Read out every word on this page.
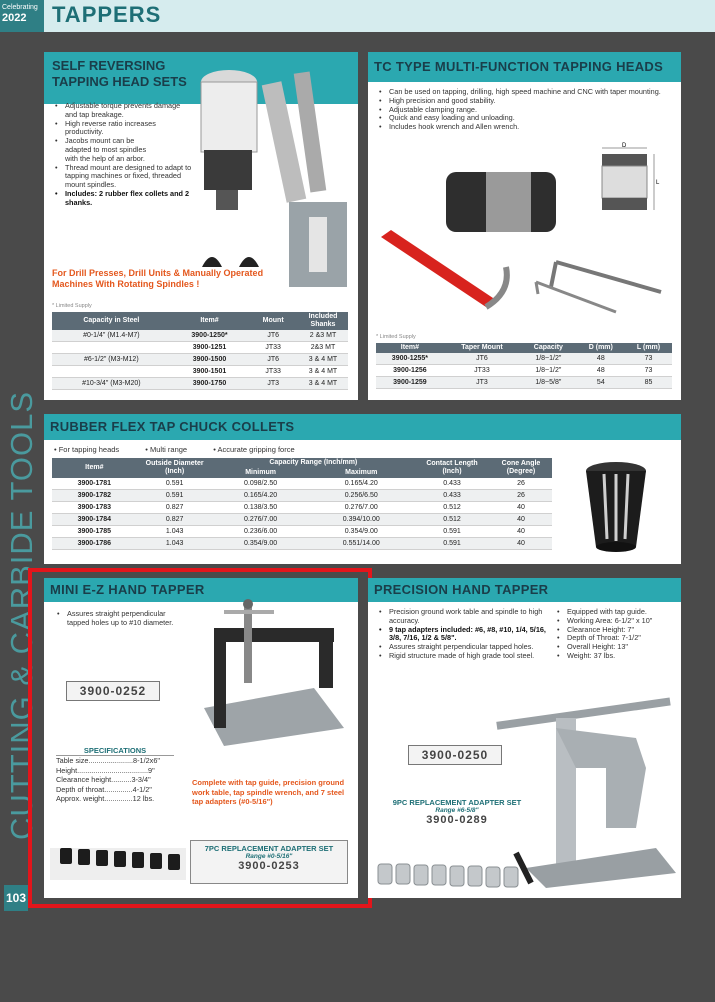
Celebrating
2022	TAPPERS
CUTTING & CARBIDE TOOLS
103
SELF REVERSING
TAPPING HEAD SETS
• Adjustable torque prevents damage and tap breakage.
• High reverse ratio increases productivity.
• Jacobs mount can be adapted to most spindles with the help of an arbor.
• Thread mount are designed to adapt to tapping machines or fixed, threaded mount spindles.
• Includes: 2 rubber flex collets and 2 shanks.
For Drill Presses, Drill Units & Manually Operated Machines With Rotating Spindles !
* Limited Supply
Capacity in Steel	Item#	Mount	Included Shanks
#0-1/4" (M1.4-M7)	3900-1250*	JT6	2 &3 MT
	3900-1251	JT33	2&3 MT
#6-1/2" (M3-M12)	3900-1500	JT6	3 & 4 MT
	3900-1501	JT33	3 & 4 MT
#10-3/4" (M3-M20)	3900-1750	JT3	3 & 4 MT
TC TYPE MULTI-FUNCTION TAPPING HEADS
• Can be used on tapping, drilling, high speed machine and CNC with taper mounting.
• High precision and good stability.
• Adjustable clamping range.
• Quick and easy loading and unloading.
• Includes hook wrench and Allen wrench.
D
L
* Limited Supply
Item#	Taper Mount	Capacity	D (mm)	L (mm)
3900-1255*	JT6	1/8~1/2"	48	73
3900-1256	JT33	1/8~1/2"	48	73
3900-1259	JT3	1/8~5/8"	54	85
RUBBER FLEX TAP CHUCK COLLETS
• For tapping heads	• Multi range	• Accurate gripping force
Item#	Outside Diameter (Inch)	Capacity Range (Inch/mm)		Contact Length (Inch)	Cone Angle (Degree)
		Minimum	Maximum		
3900-1781	0.591	0.098/2.50	0.165/4.20	0.433	26
3900-1782	0.591	0.165/4.20	0.256/6.50	0.433	26
3900-1783	0.827	0.138/3.50	0.276/7.00	0.512	40
3900-1784	0.827	0.276/7.00	0.394/10.00	0.512	40
3900-1785	1.043	0.236/6.00	0.354/9.00	0.591	40
3900-1786	1.043	0.354/9.00	0.551/14.00	0.591	40
MINI E-Z HAND TAPPER
• Assures straight perpendicular tapped holes up to #10 diameter.
3900-0252
SPECIFICATIONS
Table size......................8-1/2x6"
Height...................................9"
Clearance height..........3-3/4"
Depth of throat..............4-1/2"
Approx. weight..............12 lbs.
Complete with tap guide, precision ground work table, tap spindle wrench, and 7 steel tap adapters (#0-5/16")
7PC REPLACEMENT ADAPTER SET
Range #0-5/16"
3900-0253
PRECISION HAND TAPPER
• Precision ground work table and spindle to high accuracy.
• 9 tap adapters included: #6, #8, #10, 1/4, 5/16, 3/8, 7/16, 1/2 & 5/8".
• Assures straight perpendicular tapped holes.
• Rigid structure made of high grade tool steel.
• Equipped with tap guide.
• Working Area: 6-1/2" x 10"
• Clearance Height: 7"
• Depth of Throat: 7-1/2"
• Overall Height: 13"
• Weight: 37 lbs.
3900-0250
9PC REPLACEMENT ADAPTER SET
Range #6-5/8"
3900-0289
